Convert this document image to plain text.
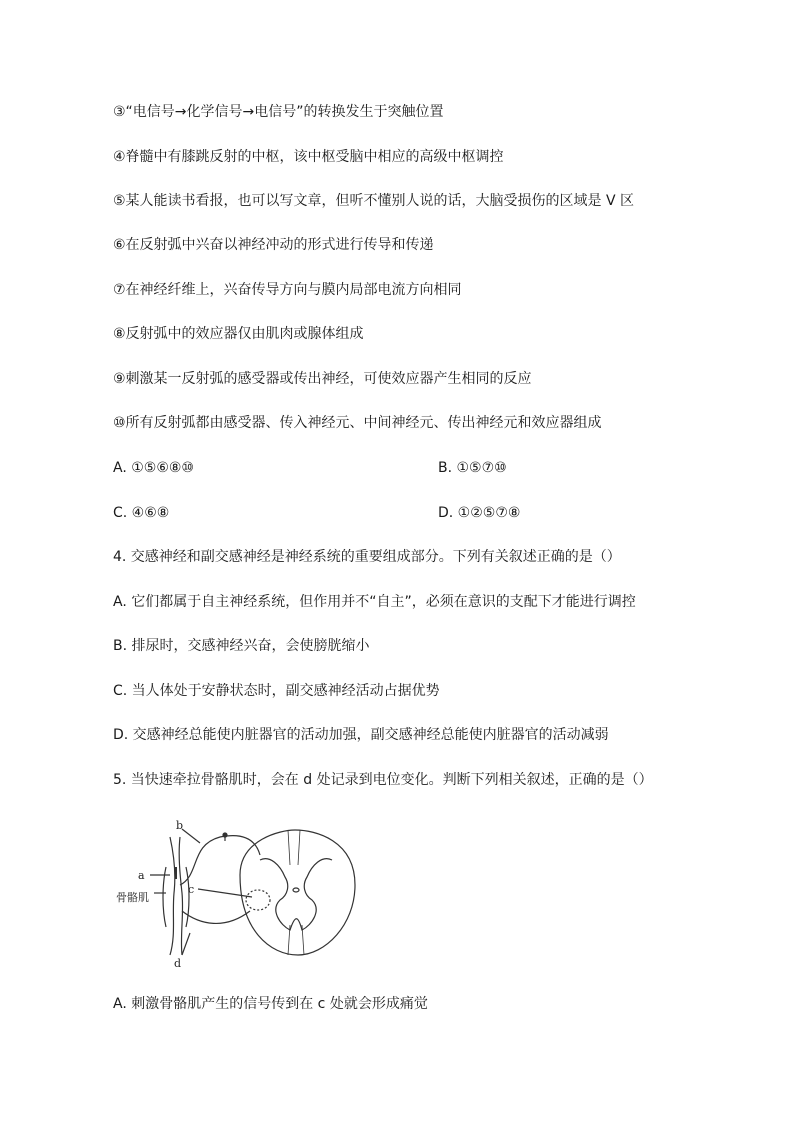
③“电信号→化学信号→电信号”的转换发生于突触位置
④脊髓中有膝跳反射的中枢，该中枢受脑中相应的高级中枢调控
⑤某人能读书看报，也可以写文章，但听不懂别人说的话，大脑受损伤的区域是 V 区
⑥在反射弧中兴奋以神经冲动的形式进行传导和传递
⑦在神经纤维上，兴奋传导方向与膜内局部电流方向相同
⑧反射弧中的效应器仅由肌肉或腺体组成
⑨刺激某一反射弧的感受器或传出神经，可使效应器产生相同的反应
⑩所有反射弧都由感受器、传入神经元、中间神经元、传出神经元和效应器组成
A. ①⑤⑥⑧⑩	B. ①⑤⑦⑩
C. ④⑥⑧	D. ①②⑤⑦⑧
4. 交感神经和副交感神经是神经系统的重要组成部分。下列有关叙述正确的是（）
A. 它们都属于自主神经系统，但作用并不“自主”，必须在意识的支配下才能进行调控
B. 排尿时，交感神经兴奋，会使膀胱缩小
C. 当人体处于安静状态时，副交感神经活动占据优势
D. 交感神经总能使内脏器官的活动加强，副交感神经总能使内脏器官的活动减弱
5. 当快速牵拉骨骼肌时，会在 d 处记录到电位变化。判断下列相关叙述，正确的是（）
b
a
c
骨骼肌
d
A. 刺激骨骼肌产生的信号传到在 c 处就会形成痛觉
